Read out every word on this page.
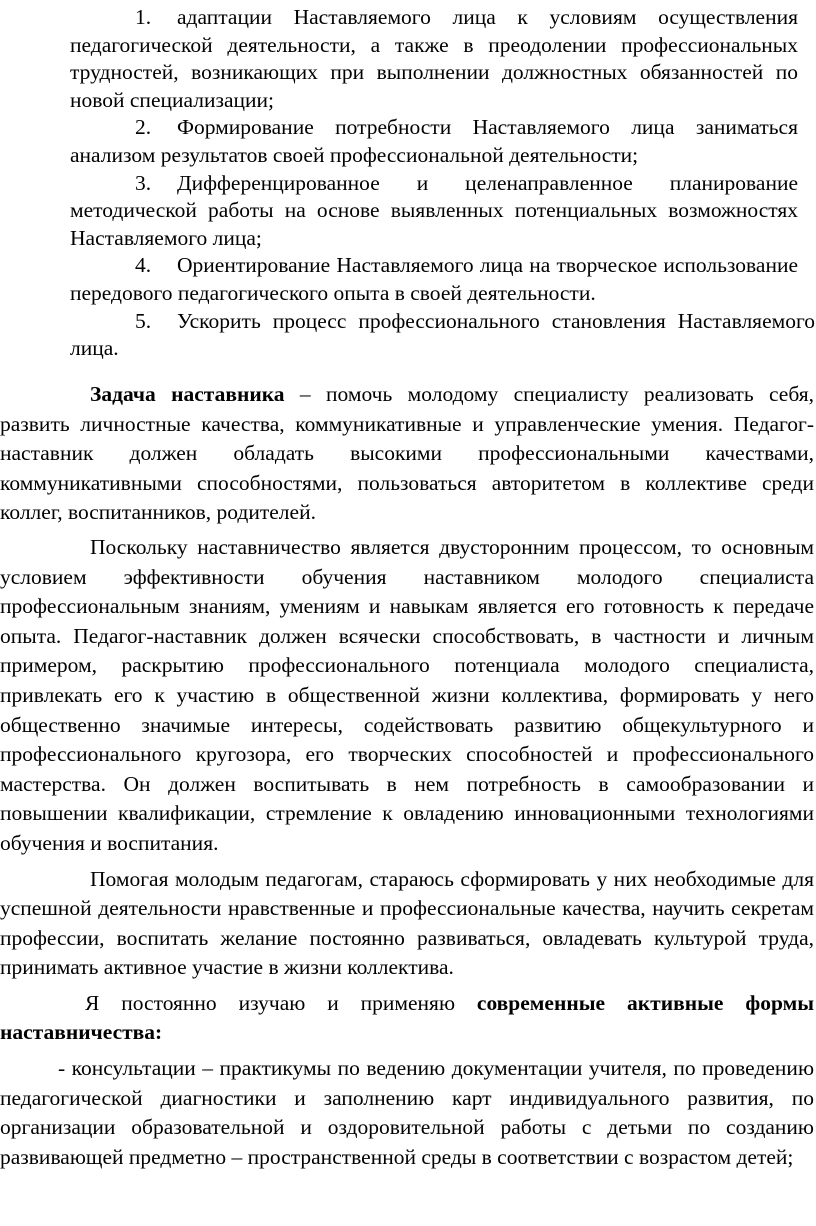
1. адаптации Наставляемого лица к условиям осуществления педагогической деятельности, а также в преодолении профессиональных трудностей, возникающих при выполнении должностных обязанностей по новой специализации;

2. Формирование потребности Наставляемого лица заниматься анализом результатов своей профессиональной деятельности;

3. Дифференцированное и целенаправленное планирование методической работы на основе выявленных потенциальных возможностях Наставляемого лица;

4. Ориентирование Наставляемого лица на творческое использование передового педагогического опыта в своей деятельности.

5. Ускорить процесс профессионального становления Наставляемого лица.

Задача наставника – помочь молодому специалисту реализовать себя, развить личностные качества, коммуникативные и управленческие умения. Педагог-наставник должен обладать высокими профессиональными качествами, коммуникативными способностями, пользоваться авторитетом в коллективе среди коллег, воспитанников, родителей.

Поскольку наставничество является двусторонним процессом, то основным условием эффективности обучения наставником молодого специалиста профессиональным знаниям, умениям и навыкам является его готовность к передаче опыта. Педагог-наставник должен всячески способствовать, в частности и личным примером, раскрытию профессионального потенциала молодого специалиста, привлекать его к участию в общественной жизни коллектива, формировать у него общественно значимые интересы, содействовать развитию общекультурного и профессионального кругозора, его творческих способностей и профессионального мастерства. Он должен воспитывать в нем потребность в самообразовании и повышении квалификации, стремление к овладению инновационными технологиями обучения и воспитания.

Помогая молодым педагогам, стараюсь сформировать у них необходимые для успешной деятельности нравственные и профессиональные качества, научить секретам профессии, воспитать желание постоянно развиваться, овладевать культурой труда, принимать активное участие в жизни коллектива.

Я постоянно изучаю и применяю современные активные формы наставничества:

- консультации – практикумы по ведению документации учителя, по проведению педагогической диагностики и заполнению карт индивидуального развития, по организации образовательной и оздоровительной работы с детьми по созданию развивающей предметно – пространственной среды в соответствии с возрастом детей;
